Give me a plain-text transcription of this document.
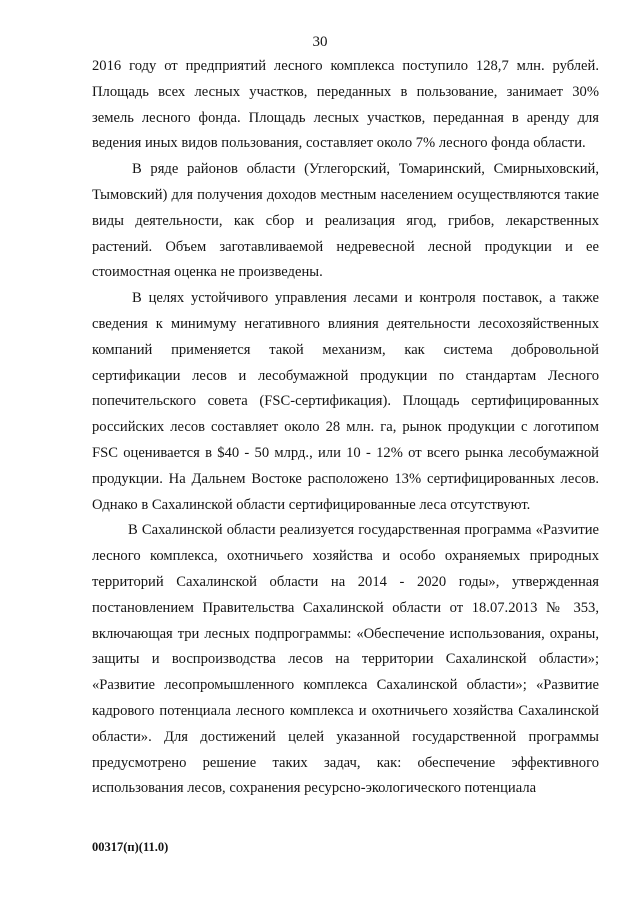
30

2016 году от предприятий лесного комплекса поступило 128,7 млн. рублей. Площадь всех лесных участков, переданных в пользование, занимает 30% земель лесного фонда. Площадь лесных участков, переданная в аренду для ведения иных видов пользования, составляет около 7% лесного фонда области.

В ряде районов области (Углегорский, Томаринский, Смирныховский, Тымовский) для получения доходов местным населением осуществляются такие виды деятельности, как сбор и реализация ягод, грибов, лекарственных растений. Объем заготавливаемой недревесной лесной продукции и ее стоимостная оценка не произведены.

В целях устойчивого управления лесами и контроля поставок, а также сведения к минимуму негативного влияния деятельности лесохозяйственных компаний применяется такой механизм, как система добровольной сертификации лесов и лесобумажной продукции по стандартам Лесного попечительского совета (FSC-сертификация). Площадь сертифицированных российских лесов составляет около 28 млн. га, рынок продукции с логотипом FSC оценивается в $40 - 50 млрд., или 10 - 12% от всего рынка лесобумажной продукции. На Дальнем Востоке расположено 13% сертифицированных лесов. Однако в Сахалинской области сертифицированные леса отсутствуют.

В Сахалинской области реализуется государственная программа «Разvитие лесного комплекса, охотничьего хозяйства и особо охраняемых природных территорий Сахалинской области на 2014 - 2020 годы», утвержденная постановлением Правительства Сахалинской области от 18.07.2013 № 353, включающая три лесных подпрограммы: «Обеспечение использования, охраны, защиты и воспроизводства лесов на территории Сахалинской области»; «Развитие лесопромышленного комплекса Сахалинской области»; «Развитие кадрового потенциала лесного комплекса и охотничьего хозяйства Сахалинской области». Для достижений целей указанной государственной программы предусмотрено решение таких задач, как: обеспечение эффективного использования лесов, сохранения ресурсно-экологического потенциала

00317(п)(11.0)
